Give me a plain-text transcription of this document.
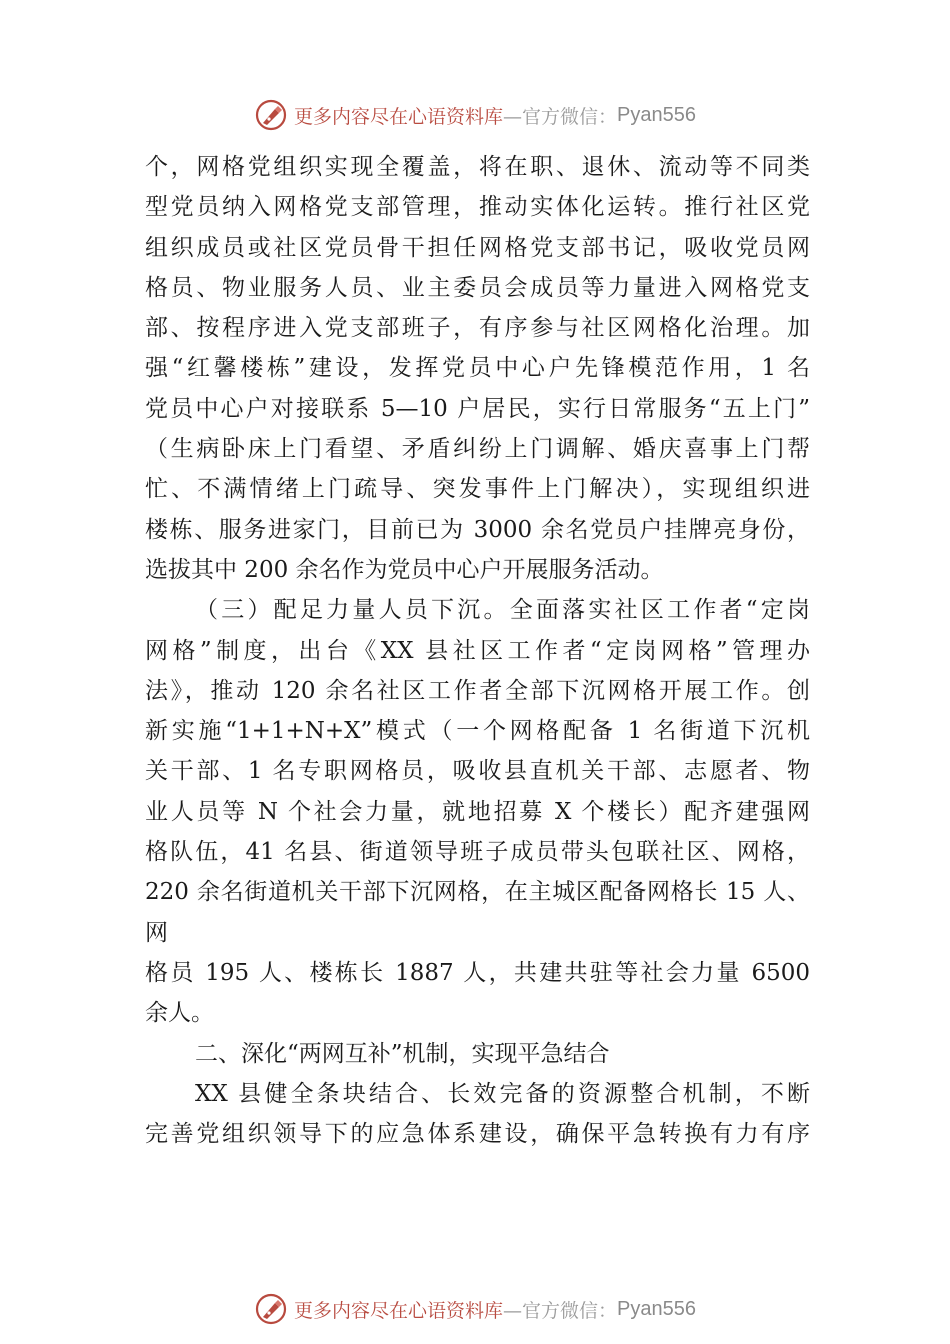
更多内容尽在心语资料库 —官方微信： Pyan556
个，网格党组织实现全覆盖，将在职、退休、流动等不同类
型党员纳入网格党支部管理，推动实体化运转。推行社区党
组织成员或社区党员骨干担任网格党支部书记，吸收党员网
格员、物业服务人员、业主委员会成员等力量进入网格党支
部、按程序进入党支部班子，有序参与社区网格化治理。加
强“红馨楼栋”建设，发挥党员中心户先锋模范作用，1 名
党员中心户对接联系 5—10 户居民，实行日常服务“五上门”
（生病卧床上门看望、矛盾纠纷上门调解、婚庆喜事上门帮
忙、不满情绪上门疏导、突发事件上门解决），实现组织进
楼栋、服务进家门，目前已为 3000 余名党员户挂牌亮身份，
选拔其中 200 余名作为党员中心户开展服务活动。
（三）配足力量人员下沉。全面落实社区工作者“定岗
网格”制度，出台《XX 县社区工作者“定岗网格”管理办
法》，推动 120 余名社区工作者全部下沉网格开展工作。创
新实施“1+1+N+X”模式（一个网格配备 1 名街道下沉机
关干部、1 名专职网格员，吸收县直机关干部、志愿者、物
业人员等 N 个社会力量，就地招募 X 个楼长）配齐建强网
格队伍，41 名县、街道领导班子成员带头包联社区、网格，
220 余名街道机关干部下沉网格，在主城区配备网格长 15 人、
网
格员 195 人、楼栋长 1887 人，共建共驻等社会力量 6500
余人。
二、深化“两网互补”机制，实现平急结合
XX 县健全条块结合、长效完备的资源整合机制，不断
完善党组织领导下的应急体系建设，确保平急转换有力有序
更多内容尽在心语资料库 —官方微信： Pyan556
